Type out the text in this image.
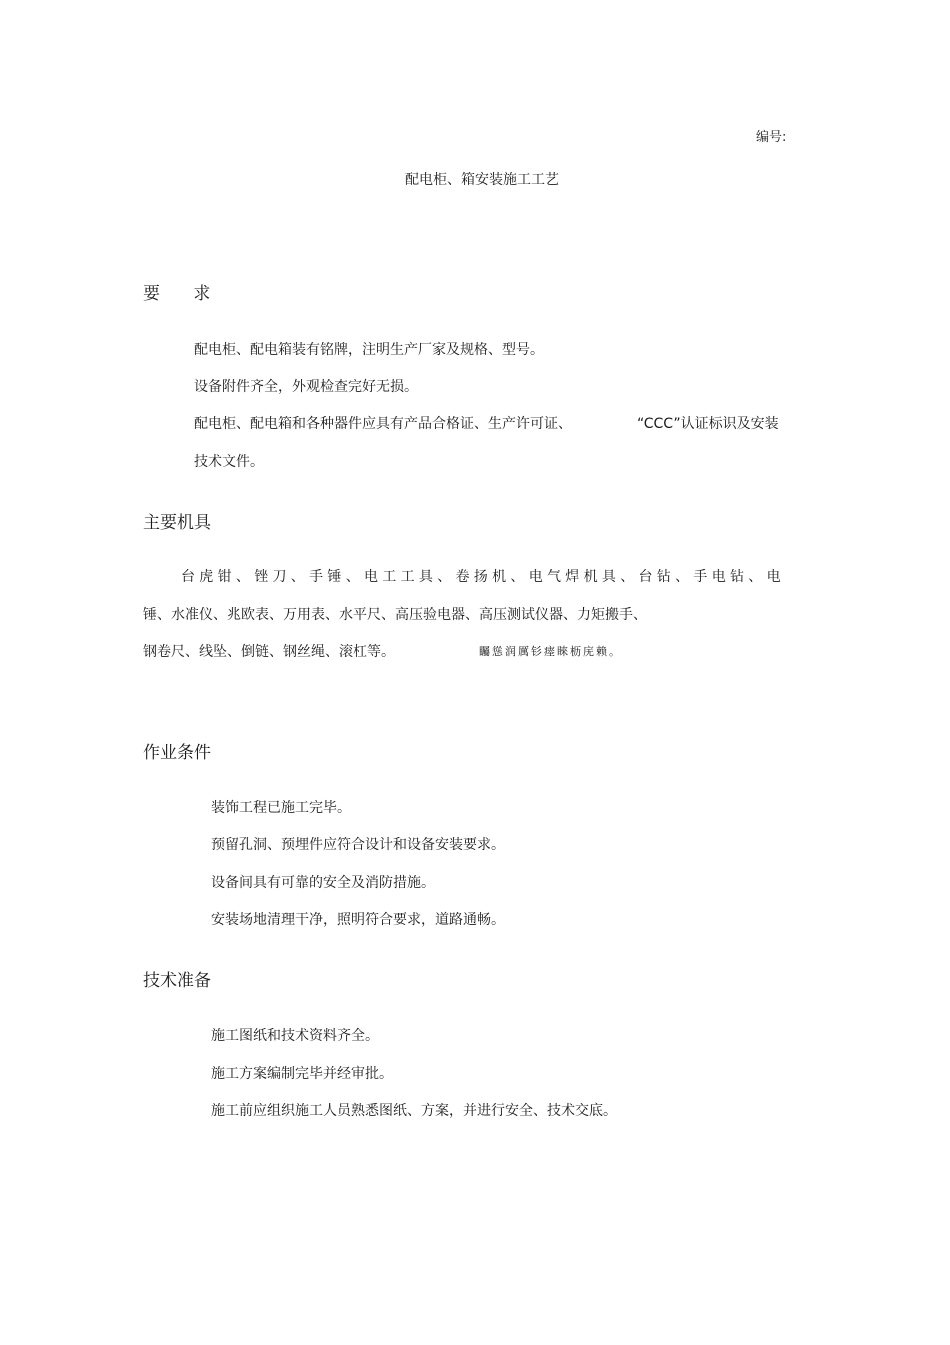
编号:
配电柜、箱安装施工工艺
要 求
配电柜、配电箱装有铭牌，注明生产厂家及规格、型号。
设备附件齐全，外观检查完好无损。
配电柜、配电箱和各种器件应具有产品合格证、生产许可证、	“CCC”认证标识及安装
技术文件。
主要机具
台虎钳、锉刀、手锤、电工工具、卷扬机、电气焊机具、台钻、手电钻、电
锤、水准仪、兆欧表、万用表、水平尺、高压验电器、高压测试仪器、力矩搬手、
钢卷尺、线坠、倒链、钢丝绳、滚杠等。	矚慫润厲钐瘗睞枥庑赖。
作业条件
装饰工程已施工完毕。
预留孔洞、预埋件应符合设计和设备安装要求。
设备间具有可靠的安全及消防措施。
安装场地清理干净，照明符合要求，道路通畅。
技术准备
施工图纸和技术资料齐全。
施工方案编制完毕并经审批。
施工前应组织施工人员熟悉图纸、方案，并进行安全、技术交底。
